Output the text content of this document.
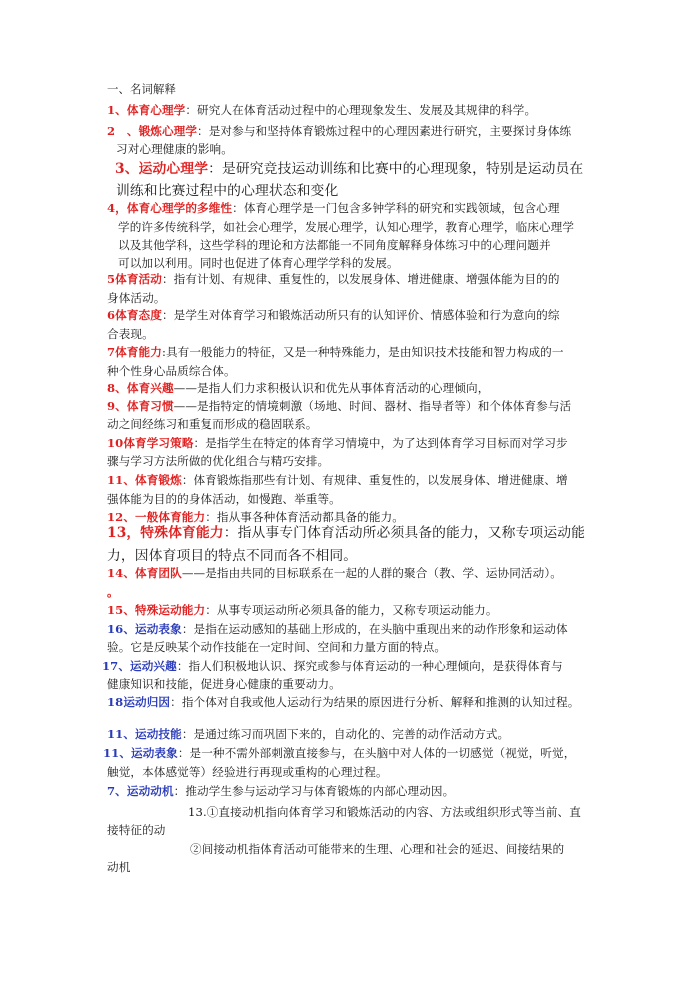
一、名词解释
1、体育心理学：研究人在体育活动过程中的心理现象发生、发展及其规律的科学。
2　、锻炼心理学：是对参与和坚持体育锻炼过程中的心理因素进行研究，主要探讨身体练
习对心理健康的影响。
3、运动心理学：是研究竞技运动训练和比赛中的心理现象，特别是运动员在
训练和比赛过程中的心理状态和变化
4，体育心理学的多维性：体育心理学是一门包含多钟学科的研究和实践领域，包含心理
学的许多传统科学，如社会心理学，发展心理学，认知心理学，教育心理学，临床心理学
以及其他学科，这些学科的理论和方法都能一不同角度解释身体练习中的心理问题并
可以加以利用。同时也促进了体育心理学学科的发展。
5体育活动：指有计划、有规律、重复性的，以发展身体、增进健康、增强体能为目的的
身体活动。
6体育态度：是学生对体育学习和锻炼活动所只有的认知评价、情感体验和行为意向的综
合表现。
7体育能力:具有一般能力的特征，又是一种特殊能力，是由知识技术技能和智力构成的一
种个性身心品质综合体。
8、体育兴趣——是指人们力求积极认识和优先从事体育活动的心理倾向，
9、体育习惯——是指特定的情境刺激（场地、时间、器材、指导者等）和个体体育参与活
动之间经练习和重复而形成的稳固联系。
10体育学习策略：是指学生在特定的体育学习情境中，为了达到体育学习目标而对学习步
骤与学习方法所做的优化组合与精巧安排。
11、体育锻炼：体育锻炼指那些有计划、有规律、重复性的，以发展身体、增进健康、增
强体能为目的的身体活动，如慢跑、举重等。
12、一般体育能力：指从事各种体育活动都具备的能力。
13，特殊体育能力：指从事专门体育活动所必须具备的能力，又称专项运动能
力，因体育项目的特点不同而各不相同。
14、体育团队——是指由共同的目标联系在一起的人群的聚合（教、学、运协同活动）。
。
15、特殊运动能力：从事专项运动所必须具备的能力，又称专项运动能力。
16、运动表象：是指在运动感知的基础上形成的，在头脑中重现出来的动作形象和运动体
验。它是反映某个动作技能在一定时间、空间和力量方面的特点。
17、运动兴趣：指人们积极地认识、探究或参与体育运动的一种心理倾向，是获得体育与
健康知识和技能，促进身心健康的重要动力。
18运动归因：指个体对自我或他人运动行为结果的原因进行分析、解释和推测的认知过程。
11、运动技能：是通过练习而巩固下来的，自动化的、完善的动作活动方式。
11、运动表象：是一种不需外部刺激直接参与，在头脑中对人体的一切感觉（视觉，听觉，
触觉，本体感觉等）经验进行再现或重构的心理过程。
7、运动动机：推动学生参与运动学习与体育锻炼的内部心理动因。
13.①直接动机指向体育学习和锻炼活动的内容、方法或组织形式等当前、直
接特征的动
②间接动机指体育活动可能带来的生理、心理和社会的延迟、间接结果的
动机
